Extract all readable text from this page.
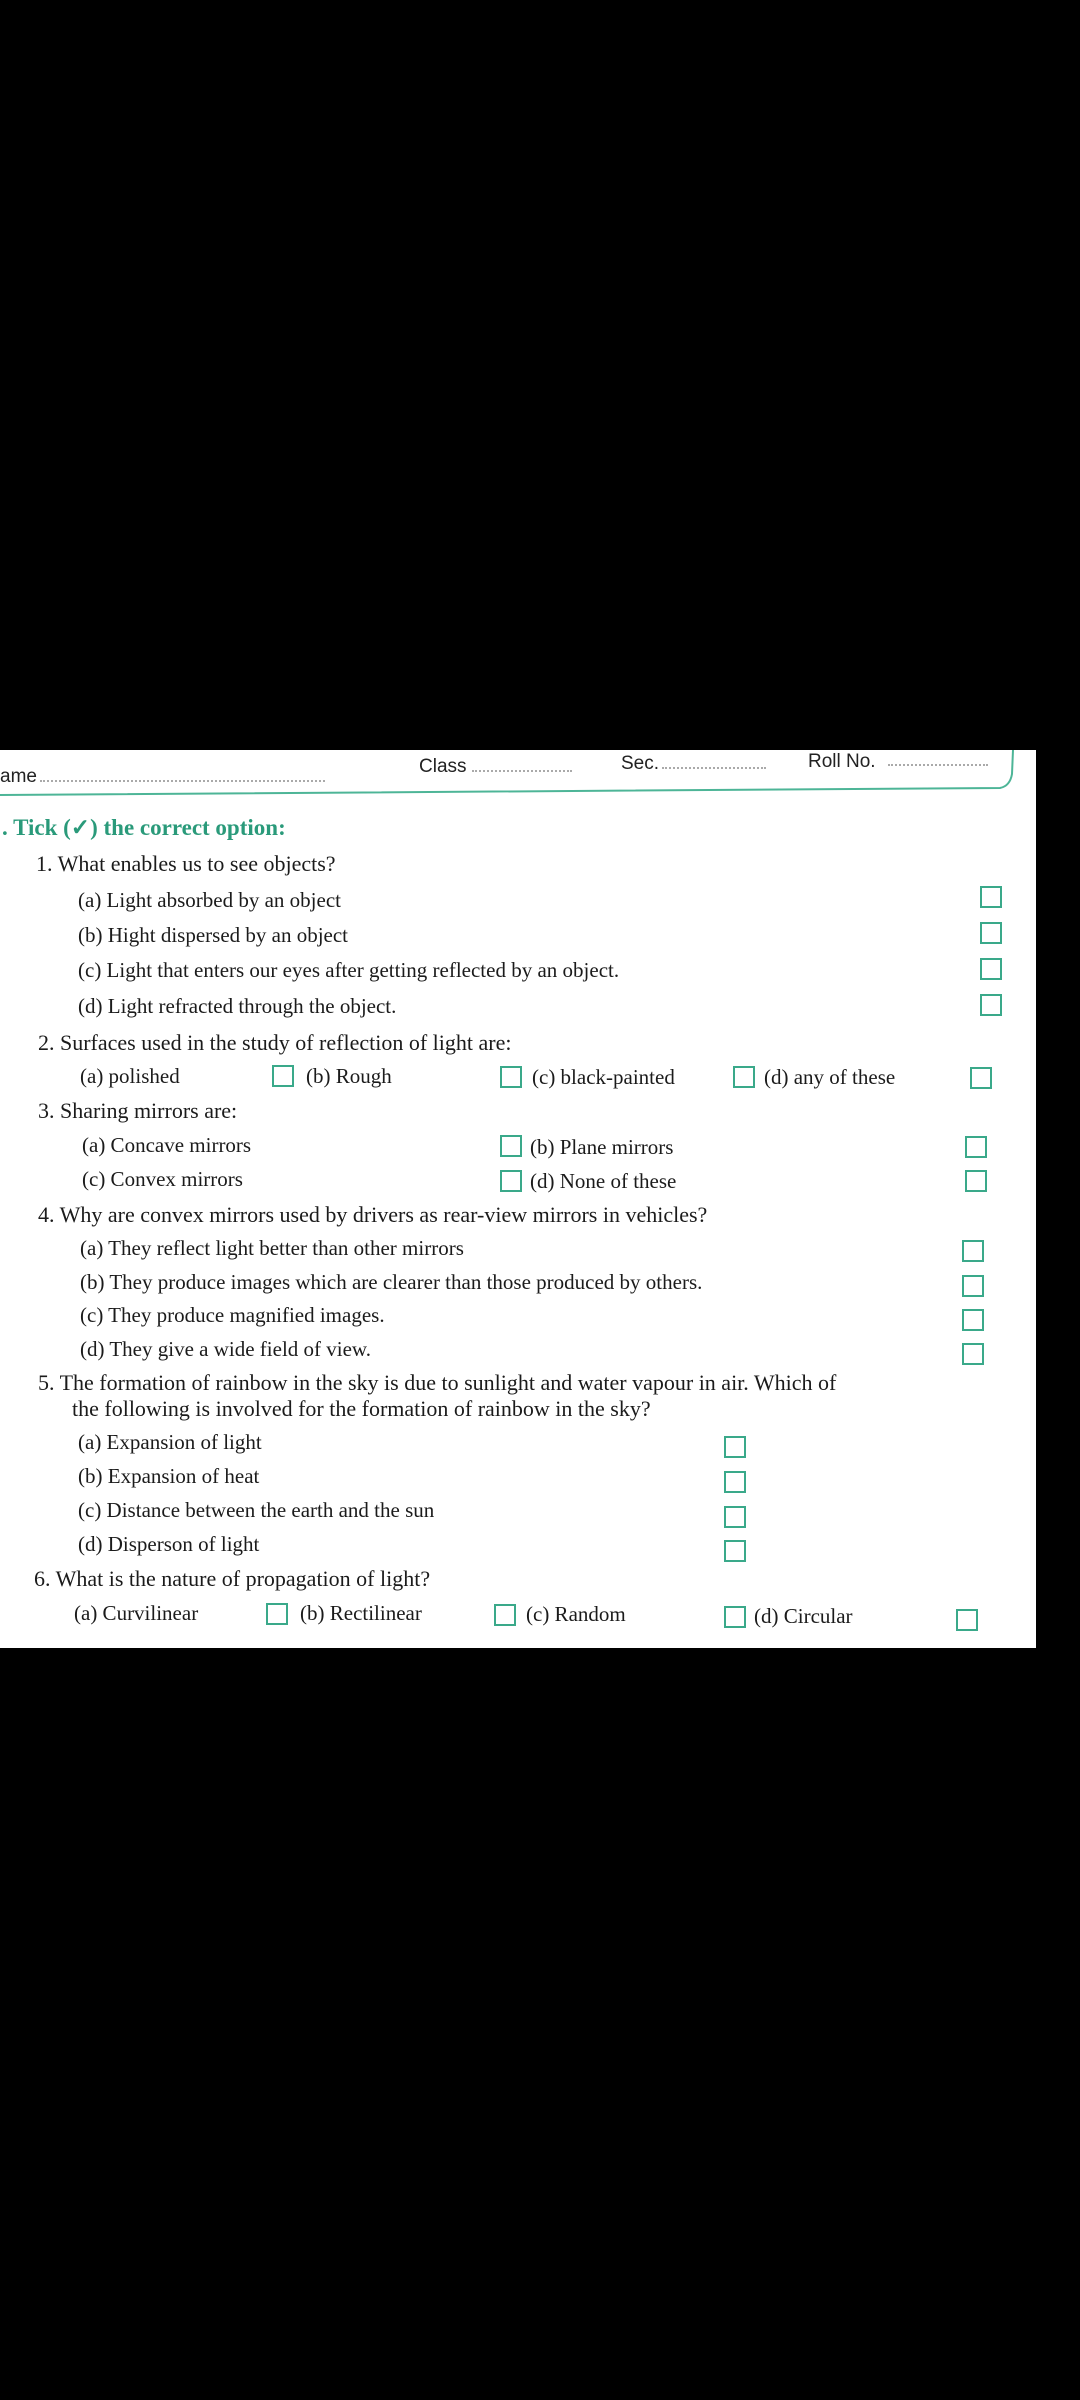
ame	Class	Sec.	Roll No.
. Tick (✓) the correct option:
1. What enables us to see objects?
(a) Light absorbed by an object
(b) Hight dispersed by an object
(c) Light that enters our eyes after getting reflected by an object.
(d) Light refracted through the object.
2. Surfaces used in the study of reflection of light are:
(a) polished	(b) Rough	(c) black-painted	(d) any of these
3. Sharing mirrors are:
(a) Concave mirrors	(b) Plane mirrors
(c) Convex mirrors	(d) None of these
4. Why are convex mirrors used by drivers as rear-view mirrors in vehicles?
(a) They reflect light better than other mirrors
(b) They produce images which are clearer than those produced by others.
(c) They produce magnified images.
(d) They give a wide field of view.
5. The formation of rainbow in the sky is due to sunlight and water vapour in air. Which of
the following is involved for the formation of rainbow in the sky?
(a) Expansion of light
(b) Expansion of heat
(c) Distance between the earth and the sun
(d) Disperson of light
6. What is the nature of propagation of light?
(a) Curvilinear	(b) Rectilinear	(c) Random	(d) Circular
